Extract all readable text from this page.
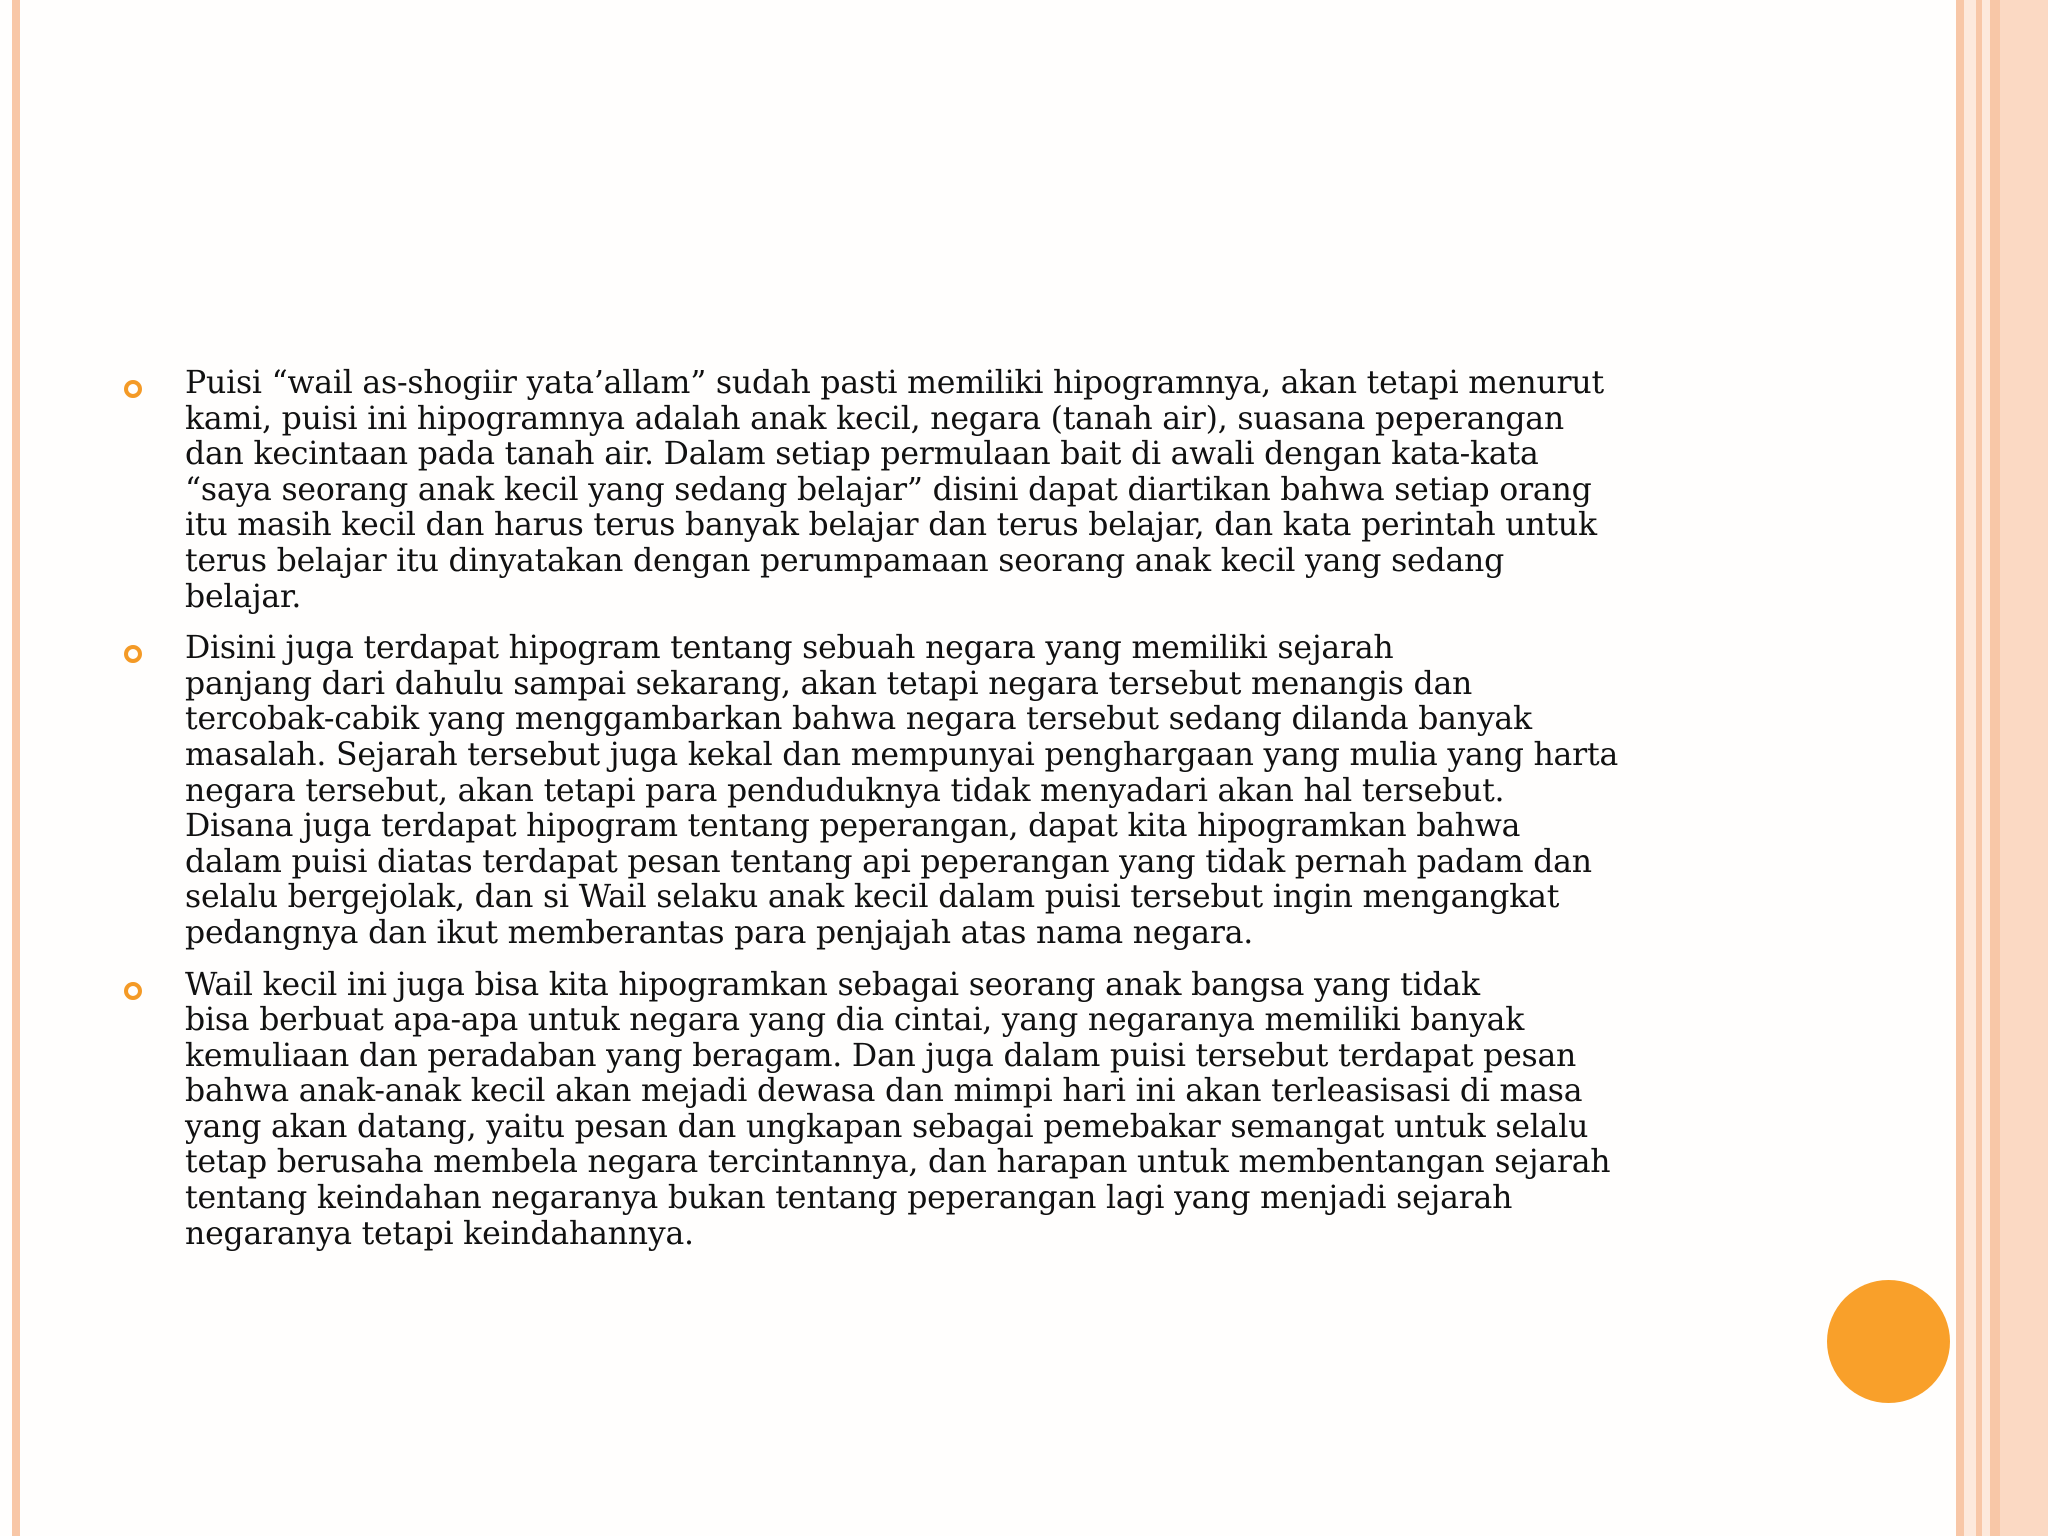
Puisi “wail as-shogiir yata’allam” sudah pasti memiliki hipogramnya, akan tetapi menurut
kami, puisi ini hipogramnya adalah anak kecil, negara (tanah air), suasana peperangan
dan kecintaan pada tanah air. Dalam setiap permulaan bait di awali dengan kata-kata
“saya seorang anak kecil yang sedang belajar” disini dapat diartikan bahwa setiap orang
itu masih kecil dan harus terus banyak belajar dan terus belajar, dan kata perintah untuk
terus belajar itu dinyatakan dengan perumpamaan seorang anak kecil yang sedang
belajar.
Disini juga terdapat hipogram tentang sebuah negara yang memiliki sejarah
panjang dari dahulu sampai sekarang, akan tetapi negara tersebut menangis dan
tercobak-cabik yang menggambarkan bahwa negara tersebut sedang dilanda banyak
masalah. Sejarah tersebut juga kekal dan mempunyai penghargaan yang mulia yang harta
negara tersebut, akan tetapi para penduduknya tidak menyadari akan hal tersebut.
Disana juga terdapat hipogram tentang peperangan, dapat kita hipogramkan bahwa
dalam puisi diatas terdapat pesan tentang api peperangan yang tidak pernah padam dan
selalu bergejolak, dan si Wail selaku anak kecil dalam puisi tersebut ingin mengangkat
pedangnya dan ikut memberantas para penjajah atas nama negara.
Wail kecil ini juga bisa kita hipogramkan sebagai seorang anak bangsa yang tidak
bisa berbuat apa-apa untuk negara yang dia cintai, yang negaranya memiliki banyak
kemuliaan dan peradaban yang beragam. Dan juga dalam puisi tersebut terdapat pesan
bahwa anak-anak kecil akan mejadi dewasa dan mimpi hari ini akan terleasisasi di masa
yang akan datang, yaitu pesan dan ungkapan sebagai pemebakar semangat untuk selalu
tetap berusaha membela negara tercintannya, dan harapan untuk membentangan sejarah
tentang keindahan negaranya bukan tentang peperangan lagi yang menjadi sejarah
negaranya tetapi keindahannya.
